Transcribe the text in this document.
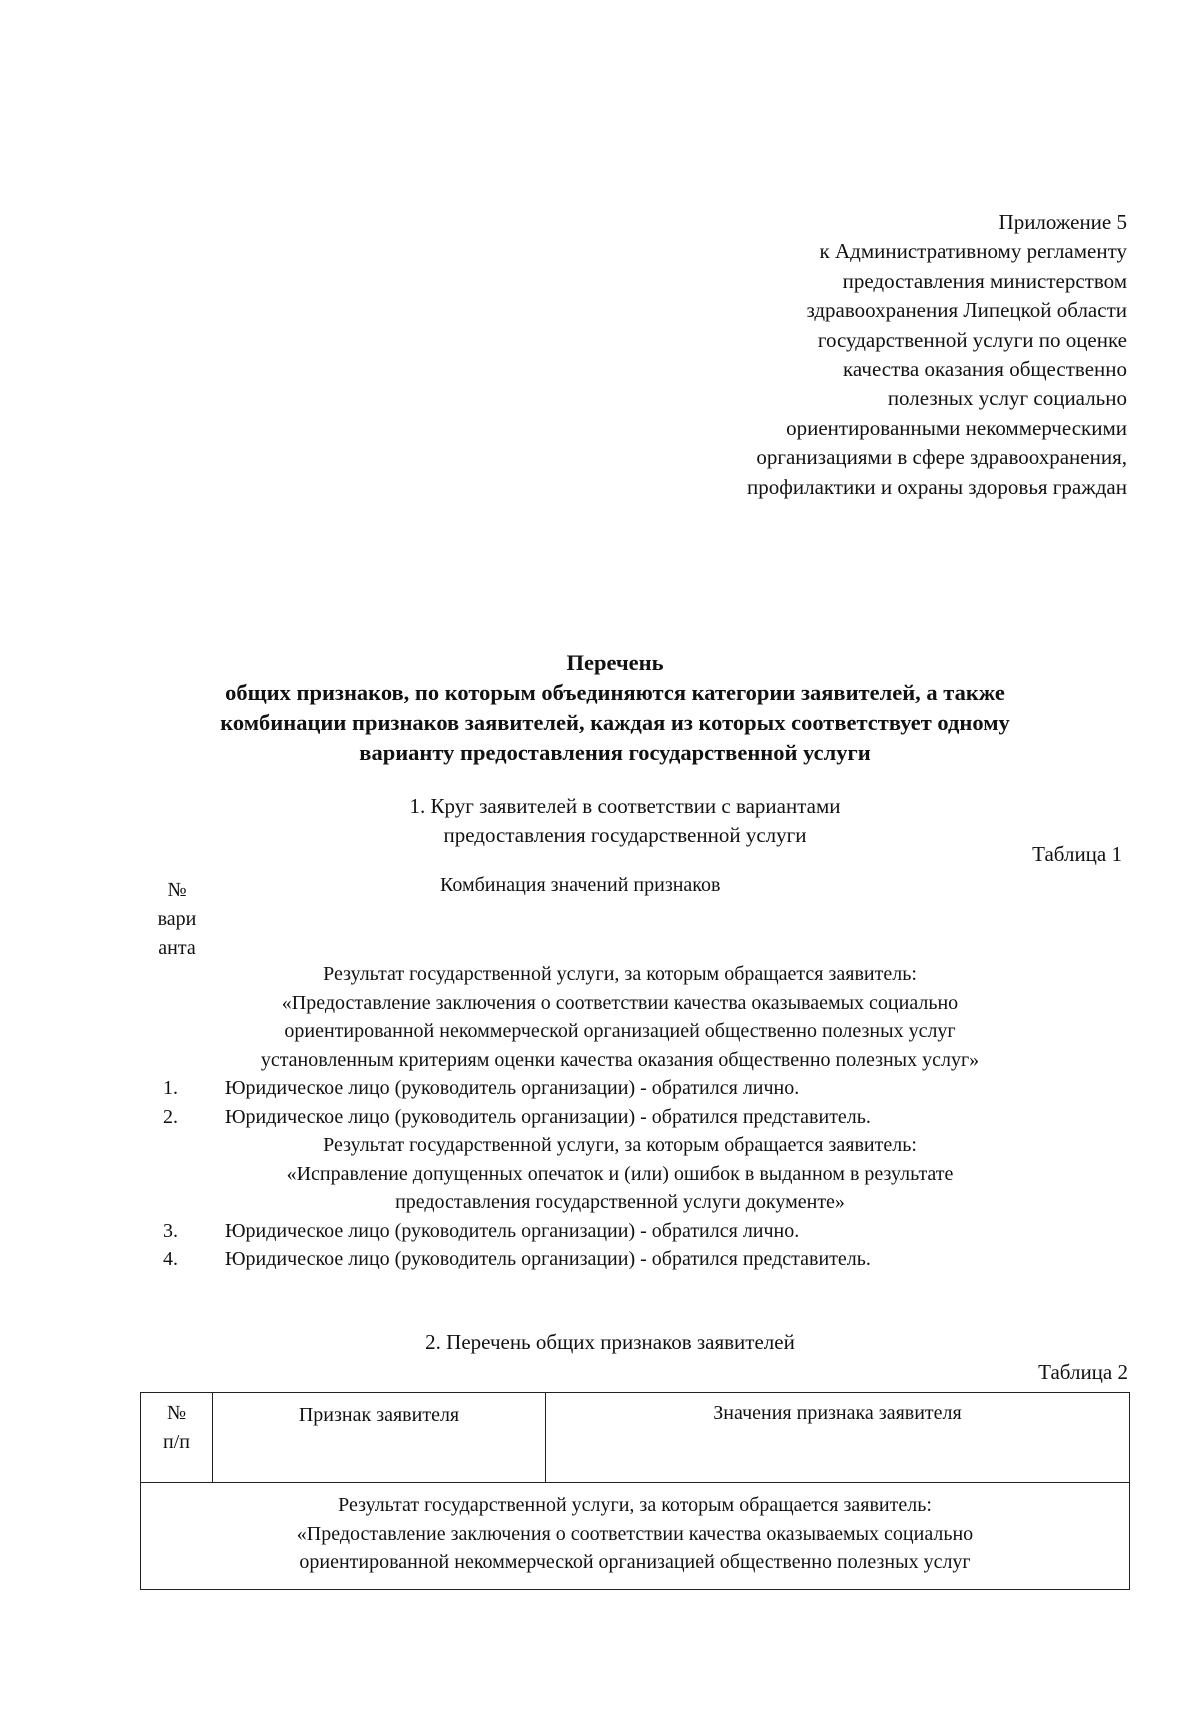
Приложение 5
к Административному регламенту
предоставления министерством
здравоохранения Липецкой области
государственной услуги по оценке
качества оказания общественно
полезных услуг социально
ориентированными некоммерческими
организациями в сфере здравоохранения,
профилактики и охраны здоровья граждан
Перечень
общих признаков, по которым объединяются категории заявителей, а также
комбинации признаков заявителей, каждая из которых соответствует одному
варианту предоставления государственной услуги
1. Круг заявителей в соответствии с вариантами
предоставления государственной услуги
Таблица 1
№
вари
анта
Комбинация значений признаков
Результат государственной услуги, за которым обращается заявитель:
«Предоставление заключения о соответствии качества оказываемых социально
ориентированной некоммерческой организацией общественно полезных услуг
установленным критериям оценки качества оказания общественно полезных услуг»
1.	Юридическое лицо (руководитель организации) - обратился лично.
2.	Юридическое лицо (руководитель организации) - обратился представитель.
Результат государственной услуги, за которым обращается заявитель:
«Исправление допущенных опечаток и (или) ошибок в выданном в результате
предоставления государственной услуги документе»
3.	Юридическое лицо (руководитель организации) - обратился лично.
4.	Юридическое лицо (руководитель организации) - обратился представитель.
2. Перечень общих признаков заявителей
Таблица 2
№
п/п
	Признак заявителя	Значения признака заявителя

Результат государственной услуги, за которым обращается заявитель:
«Предоставление заключения о соответствии качества оказываемых социально
ориентированной некоммерческой организацией общественно полезных услуг
